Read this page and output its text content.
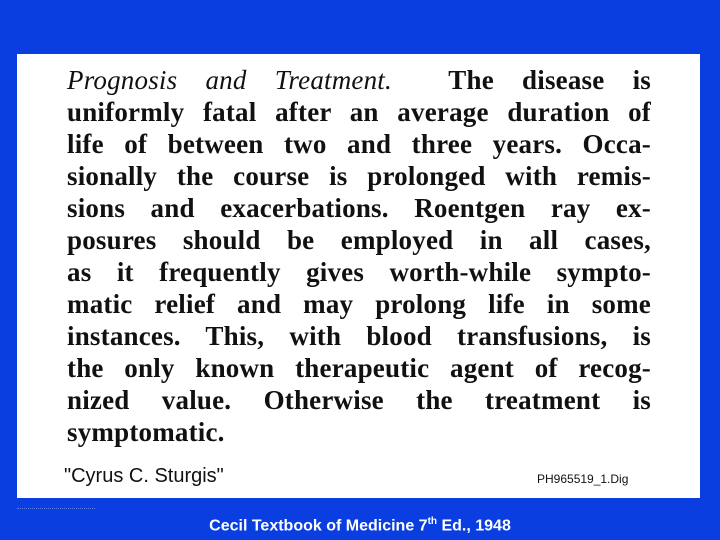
Prognosis and Treatment. The disease is
uniformly fatal after an average duration of
life of between two and three years. Occa-
sionally the course is prolonged with remis-
sions and exacerbations. Roentgen ray ex-
posures should be employed in all cases,
as it frequently gives worth-while sympto-
matic relief and may prolong life in some
instances. This, with blood transfusions, is
the only known therapeutic agent of recog-
nized value. Otherwise the treatment is
symptomatic.
"Cyrus C. Sturgis"	PH965519_1.Dig
Cecil Textbook of Medicine 7th Ed., 1948
